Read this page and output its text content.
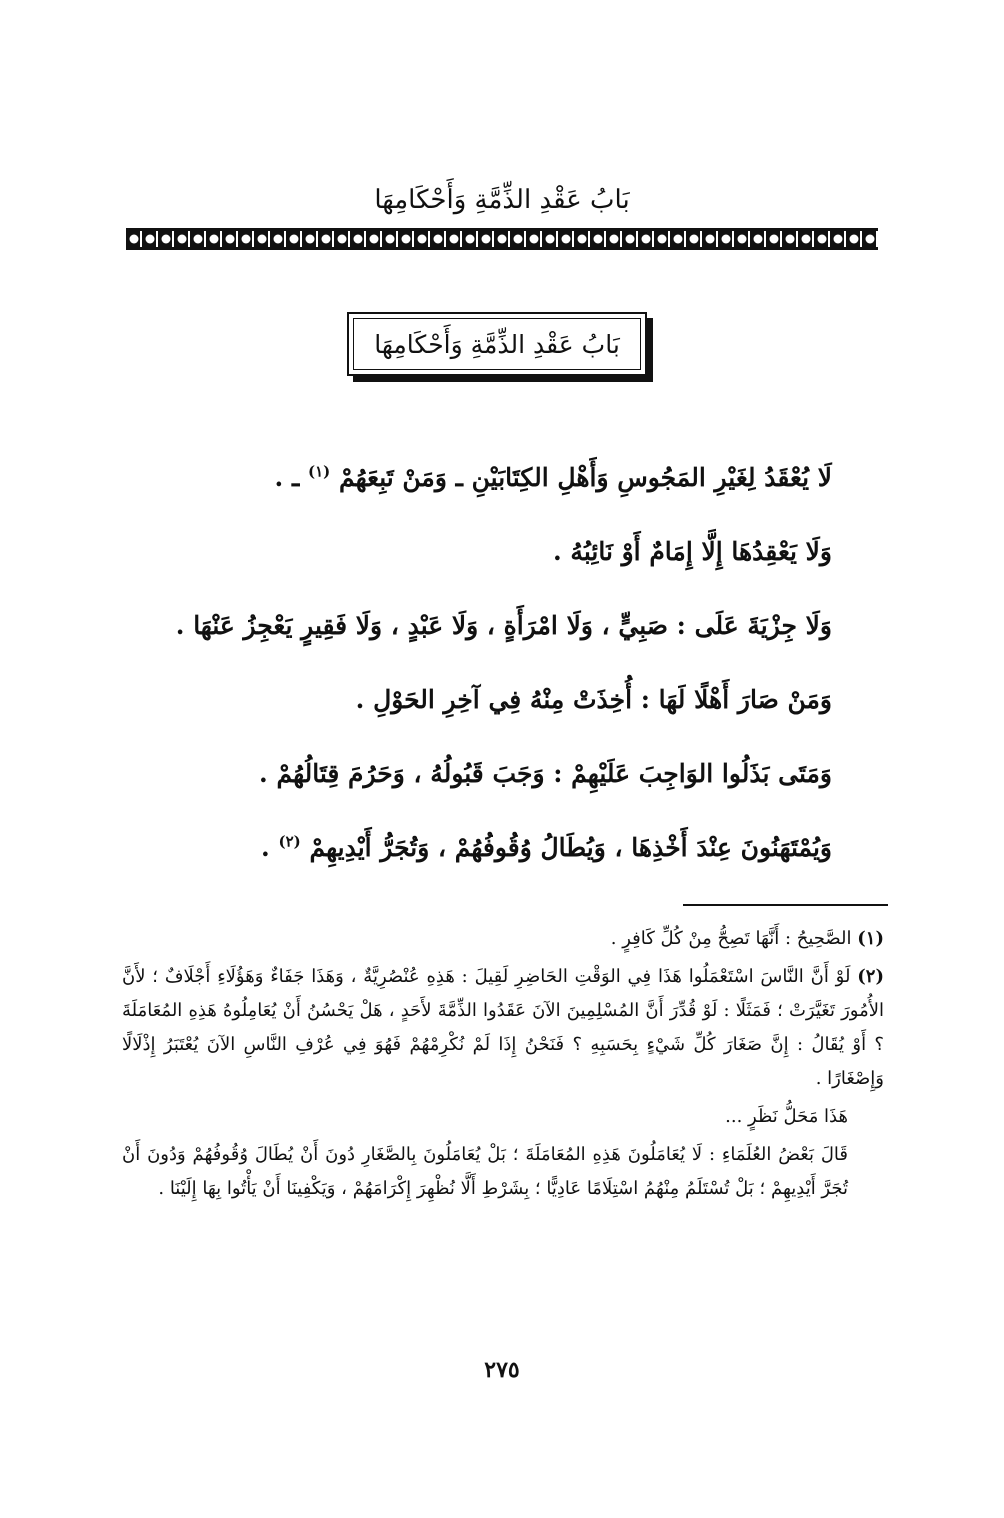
بَابُ عَقْدِ الذِّمَّةِ وَأَحْكَامِهَا
بَابُ عَقْدِ الذِّمَّةِ وَأَحْكَامِهَا

لَا يُعْقَدُ لِغَيْرِ المَجُوسِ وَأَهْلِ الكِتَابَيْنِ ـ وَمَنْ تَبِعَهُمْ $^{(١)}$ ـ .

وَلَا يَعْقِدُهَا إِلَّا إِمَامٌ أَوْ نَائِبُهُ .

وَلَا جِزْيَةَ عَلَى : صَبِيٍّ ، وَلَا امْرَأَةٍ ، وَلَا عَبْدٍ ، وَلَا فَقِيرٍ يَعْجِزُ عَنْهَا .

وَمَنْ صَارَ أَهْلًا لَهَا : أُخِذَتْ مِنْهُ فِي آخِرِ الحَوْلِ .

وَمَتَى بَذَلُوا الوَاجِبَ عَلَيْهِمْ : وَجَبَ قَبُولُهُ ، وَحَرُمَ قِتَالُهُمْ .

وَيُمْتَهَنُونَ عِنْدَ أَخْذِهَا ، وَيُطَالُ وُقُوفُهُمْ ، وَتُجَرُّ أَيْدِيهِمْ $^{(٢)}$ .

(١) الصَّحِيحُ : أَنَّهَا تَصِحُّ مِنْ كُلِّ كَافِرٍ .

(٢) لَوْ أَنَّ النَّاسَ اسْتَعْمَلُوا هَذَا فِي الوَقْتِ الحَاضِرِ لَقِيلَ : هَذِهِ عُنْصُرِيَّةٌ ، وَهَذَا جَفَاءٌ وَهَؤُلَاءِ أَجْلَافٌ ؛ لأَنَّ الأُمُورَ تَغَيَّرَتْ ؛ فَمَثَلًا : لَوْ قُدِّرَ أَنَّ المُسْلِمِينَ الآنَ عَقَدُوا الذِّمَّةَ لأَحَدٍ ، هَلْ يَحْسُنُ أَنْ يُعَامِلُوهُ هَذِهِ المُعَامَلَةَ ؟ أَوْ يُقَالُ : إِنَّ صَغَارَ كُلِّ شَيْءٍ بِحَسَبِهِ ؟ فَنَحْنُ إِذَا لَمْ نُكْرِمْهُمْ فَهُوَ فِي عُرْفِ النَّاسِ الآنَ يُعْتَبَرُ إِذْلَالًا وَإِصْغَارًا .

هَذَا مَحَلُّ نَظَرٍ ...

قَالَ بَعْضُ العُلَمَاءِ : لَا يُعَامَلُونَ هَذِهِ المُعَامَلَةَ ؛ بَلْ يُعَامَلُونَ بِالصَّغَارِ دُونَ أَنْ يُطَالَ وُقُوفُهُمْ وَدُونَ أَنْ تُجَرَّ أَيْدِيهِمْ ؛ بَلْ تُسْتَلَمُ مِنْهُمُ اسْتِلَامًا عَادِيًّا ؛ بِشَرْطِ أَلَّا نُظْهِرَ إِكْرَامَهُمْ ، وَيَكْفِينَا أَنْ يَأْتُوا بِهَا إِلَيْنَا .

٢٧٥
